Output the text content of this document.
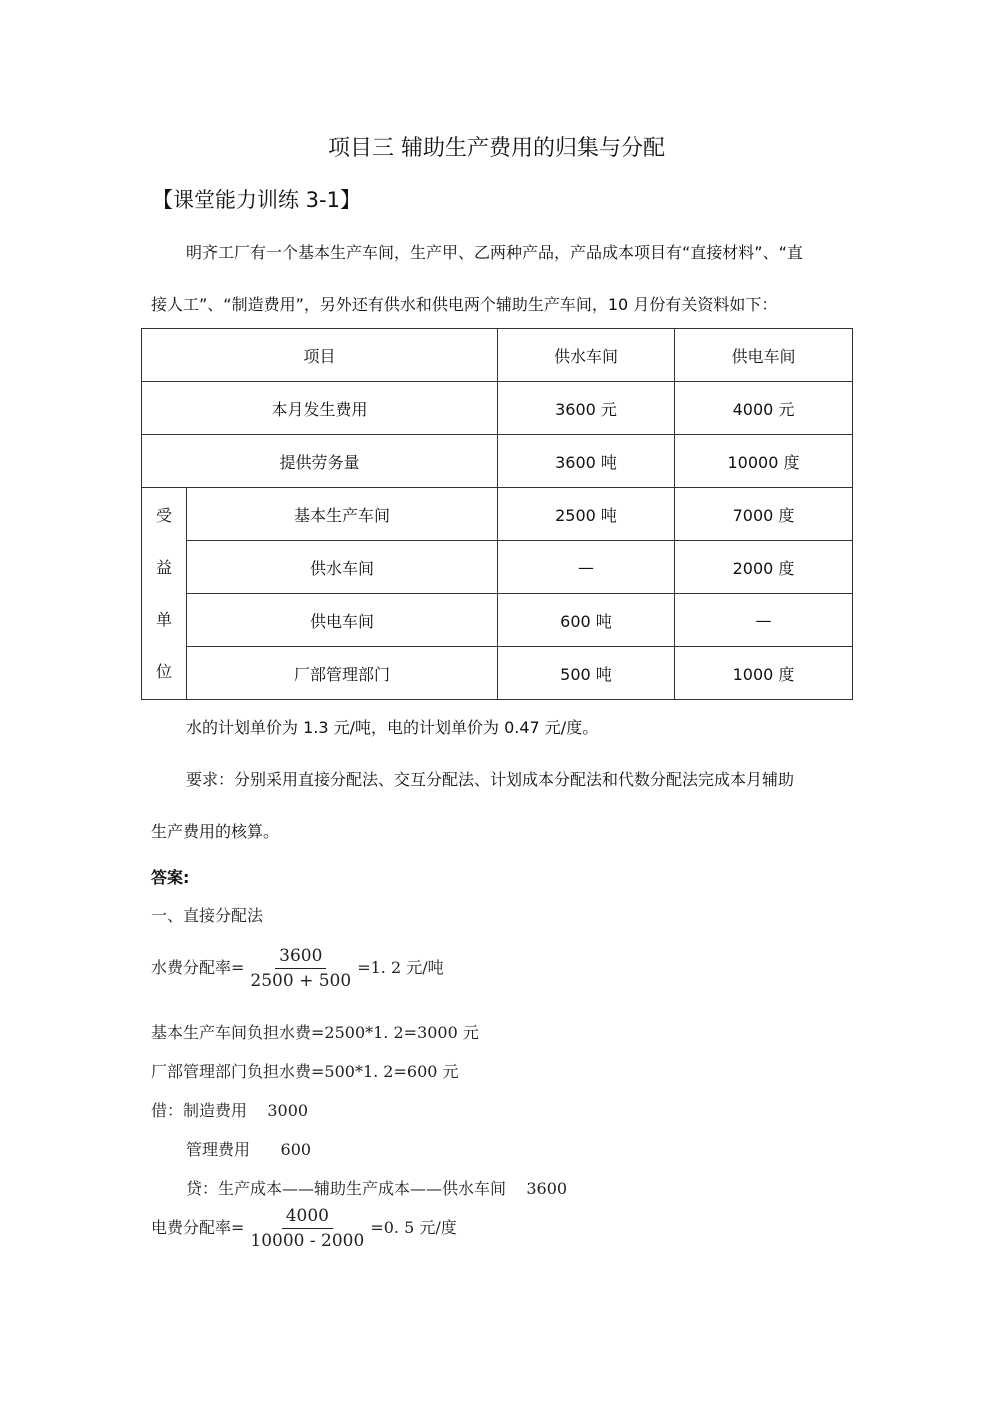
项目三 辅助生产费用的归集与分配
【课堂能力训练 3-1】
明齐工厂有一个基本生产车间，生产甲、乙两种产品，产品成本项目有“直接材料”、“直
接人工”、“制造费用”，另外还有供水和供电两个辅助生产车间，10 月份有关资料如下：
项目		供水车间	供电车间
本月发生费用		3600 元	4000 元
提供劳务量		3600 吨	10000 度

受
益
单
位	基本生产车间	2500 吨	7000 度
	供水车间	—	2000 度
	供电车间	600 吨	—
	厂部管理部门	500 吨	1000 度
水的计划单价为 1.3 元/吨，电的计划单价为 0.47 元/度。
要求：分别采用直接分配法、交互分配法、计划成本分配法和代数分配法完成本月辅助
生产费用的核算。
答案:
一、直接分配法
水费分配率= $\frac{3600}{2500 + 500} =1$. 2 元/吨
基本生产车间负担水费=2500*1. 2=3000 元
厂部管理部门负担水费=500*1. 2=600 元
借：制造费用    3000
管理费用      600
贷：生产成本——辅助生产成本——供水车间    3600
电费分配率= $\frac{4000}{10000 - 2000} =0$. 5 元/度
